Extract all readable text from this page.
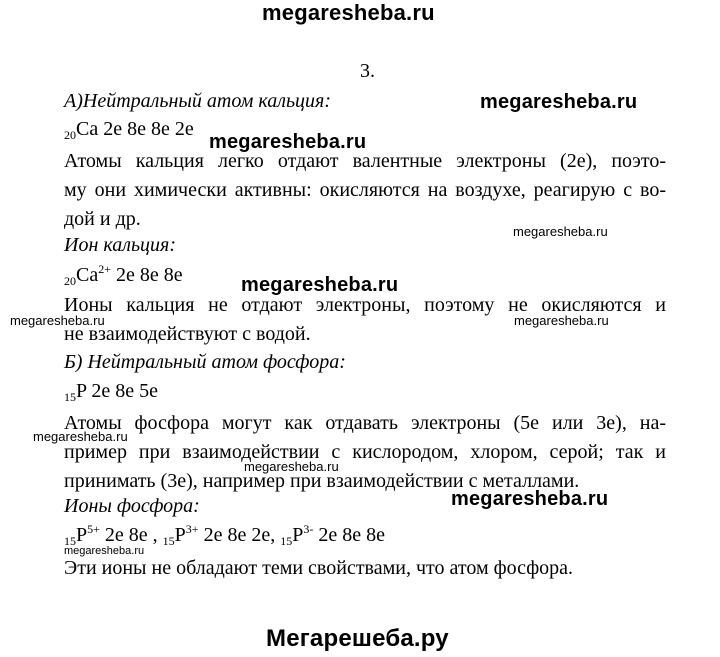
megaresheba.ru
3.
А)Нейтральный атом кальция:	megaresheba.ru
$_{20}$Ca 2e 8e 8e 2e
megaresheba.ru
Атомы кальция легко отдают валентные электроны (2е), поэто-
му они химически активны: окисляются на воздухе, реагирую с во-
дой и др.
megaresheba.ru
Ион кальция:
$_{20}Ca^{2+}$ 2e 8e 8e	megaresheba.ru
Ионы кальция не отдают электроны, поэтому не окисляются и
не взаимодействуют с водой.
megaresheba.ru	megaresheba.ru
Б) Нейтральный атом фосфора:
$_{15}$P 2e 8e 5e
Атомы фосфора могут как отдавать электроны (5е или 3е), на-
пример при взаимодействии с кислородом, хлором, серой; так и
принимать (3е), например при взаимодействии с металлами.
megaresheba.ru
megaresheba.ru
Ионы фосфора:	megaresheba.ru
$_{15}P^{5+}$ 2e 8e , $_{15}P^{3+}$ 2e 8e 2e, $_{15}P^{3-}$ 2e 8e 8e
megaresheba.ru
Эти ионы не обладают теми свойствами, что атом фосфора.
Мегарешеба.ру
